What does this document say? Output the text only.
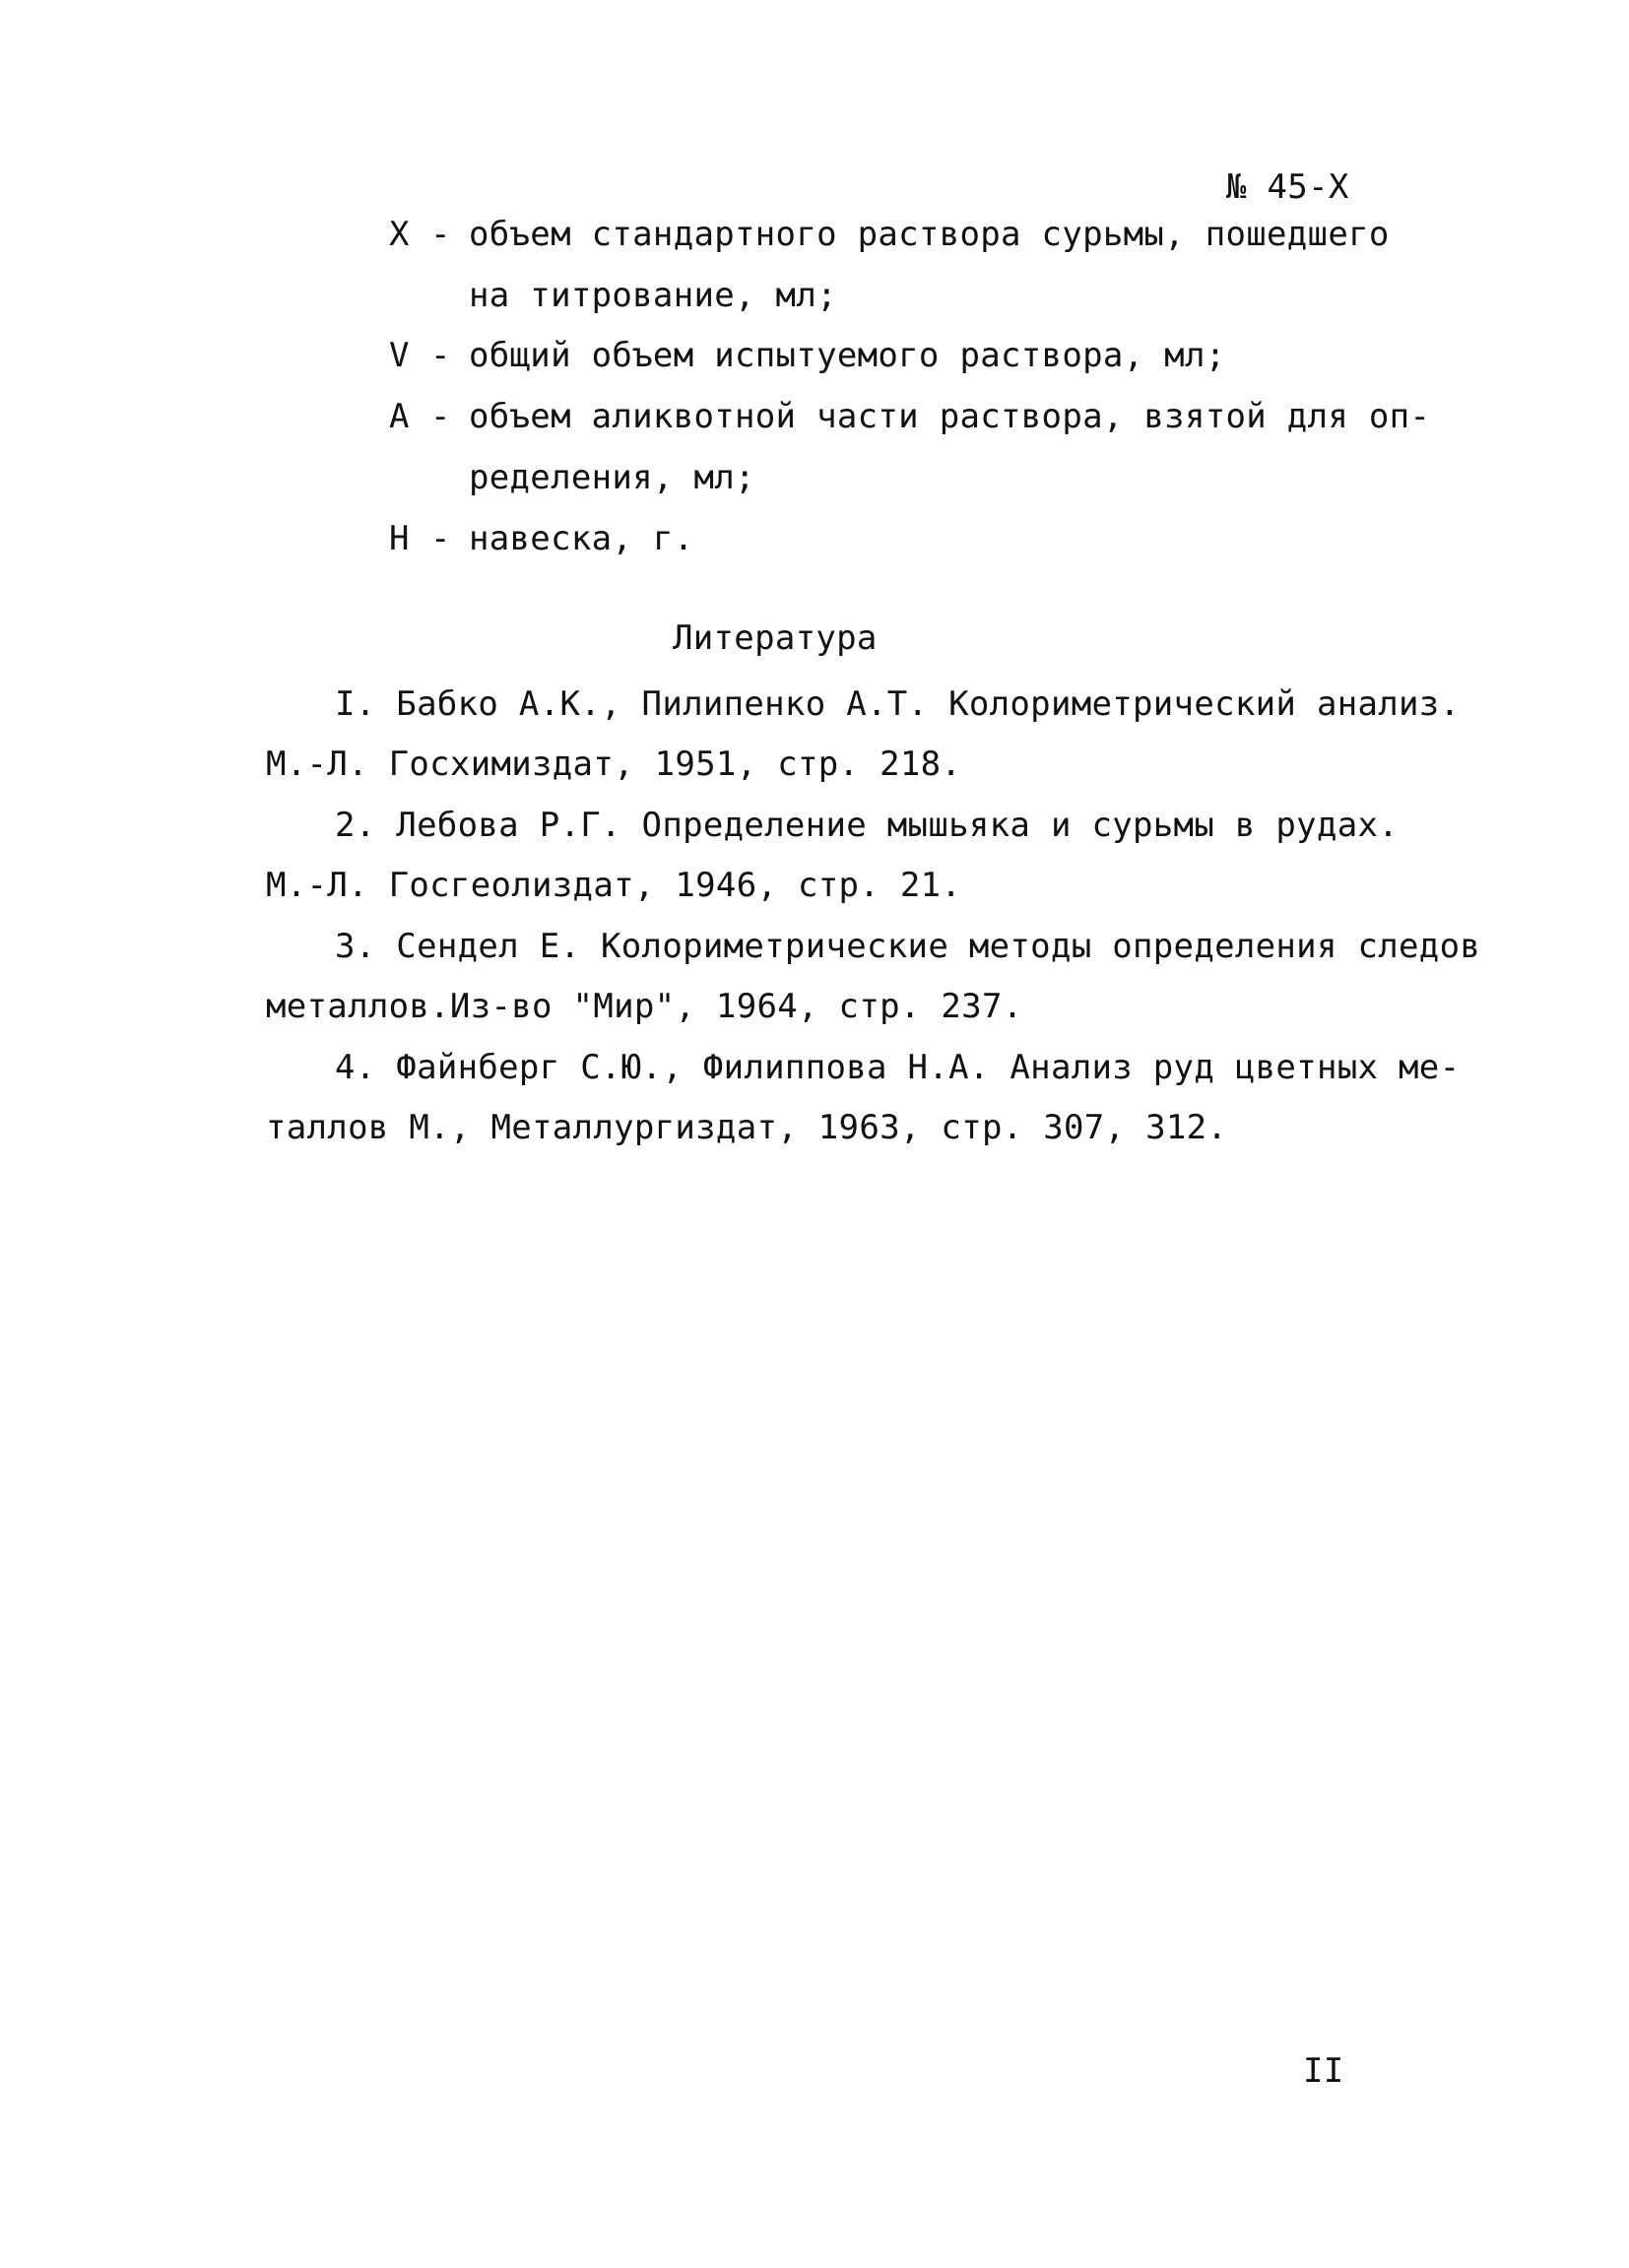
№ 45-Х
Х - объем стандартного раствора сурьмы, пошедшего
на титрование, мл;
V - общий объем испытуемого раствора, мл;
А - объем аликвотной части раствора, взятой для оп-
ределения, мл;
Н - навеска, г.
Литература
I. Бабко А.К., Пилипенко А.Т. Колориметрический анализ.
М.-Л. Госхимиздат, 1951, стр. 218.
2. Лебова Р.Г. Определение мышьяка и сурьмы в рудах.
М.-Л. Госгеолиздат, 1946, стр. 21.
3. Сендел Е. Колориметрические методы определения следов
металлов.Из-во "Мир", 1964, стр. 237.
4. Файнберг С.Ю., Филиппова Н.А. Анализ руд цветных ме-
таллов М., Металлургиздат, 1963, стр. 307, 312.
II
